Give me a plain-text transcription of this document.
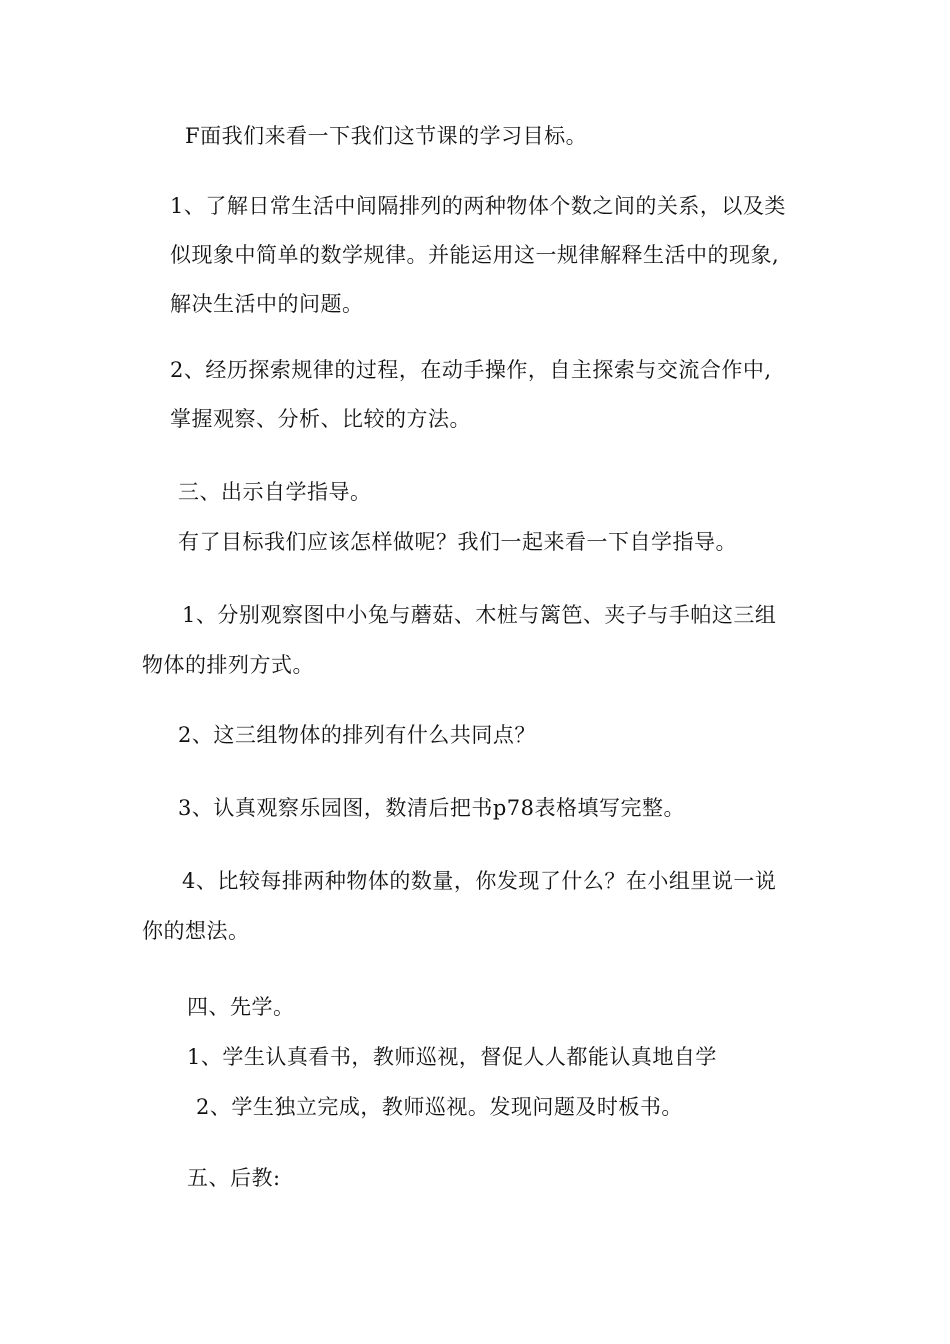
F面我们来看一下我们这节课的学习目标。
1、了解日常生活中间隔排列的两种物体个数之间的关系，以及类
似现象中简单的数学规律。并能运用这一规律解释生活中的现象,
解决生活中的问题。
2、经历探索规律的过程，在动手操作，自主探索与交流合作中,
掌握观察、分析、比较的方法。
三、出示自学指导。
有了目标我们应该怎样做呢？我们一起来看一下自学指导。
1、分别观察图中小兔与蘑菇、木桩与篱笆、夹子与手帕这三组
物体的排列方式。
2、这三组物体的排列有什么共同点？
3、认真观察乐园图，数清后把书p78表格填写完整。
4、比较每排两种物体的数量，你发现了什么？在小组里说一说
你的想法。
四、先学。
1、学生认真看书，教师巡视，督促人人都能认真地自学
2、学生独立完成，教师巡视。发现问题及时板书。
五、后教:
